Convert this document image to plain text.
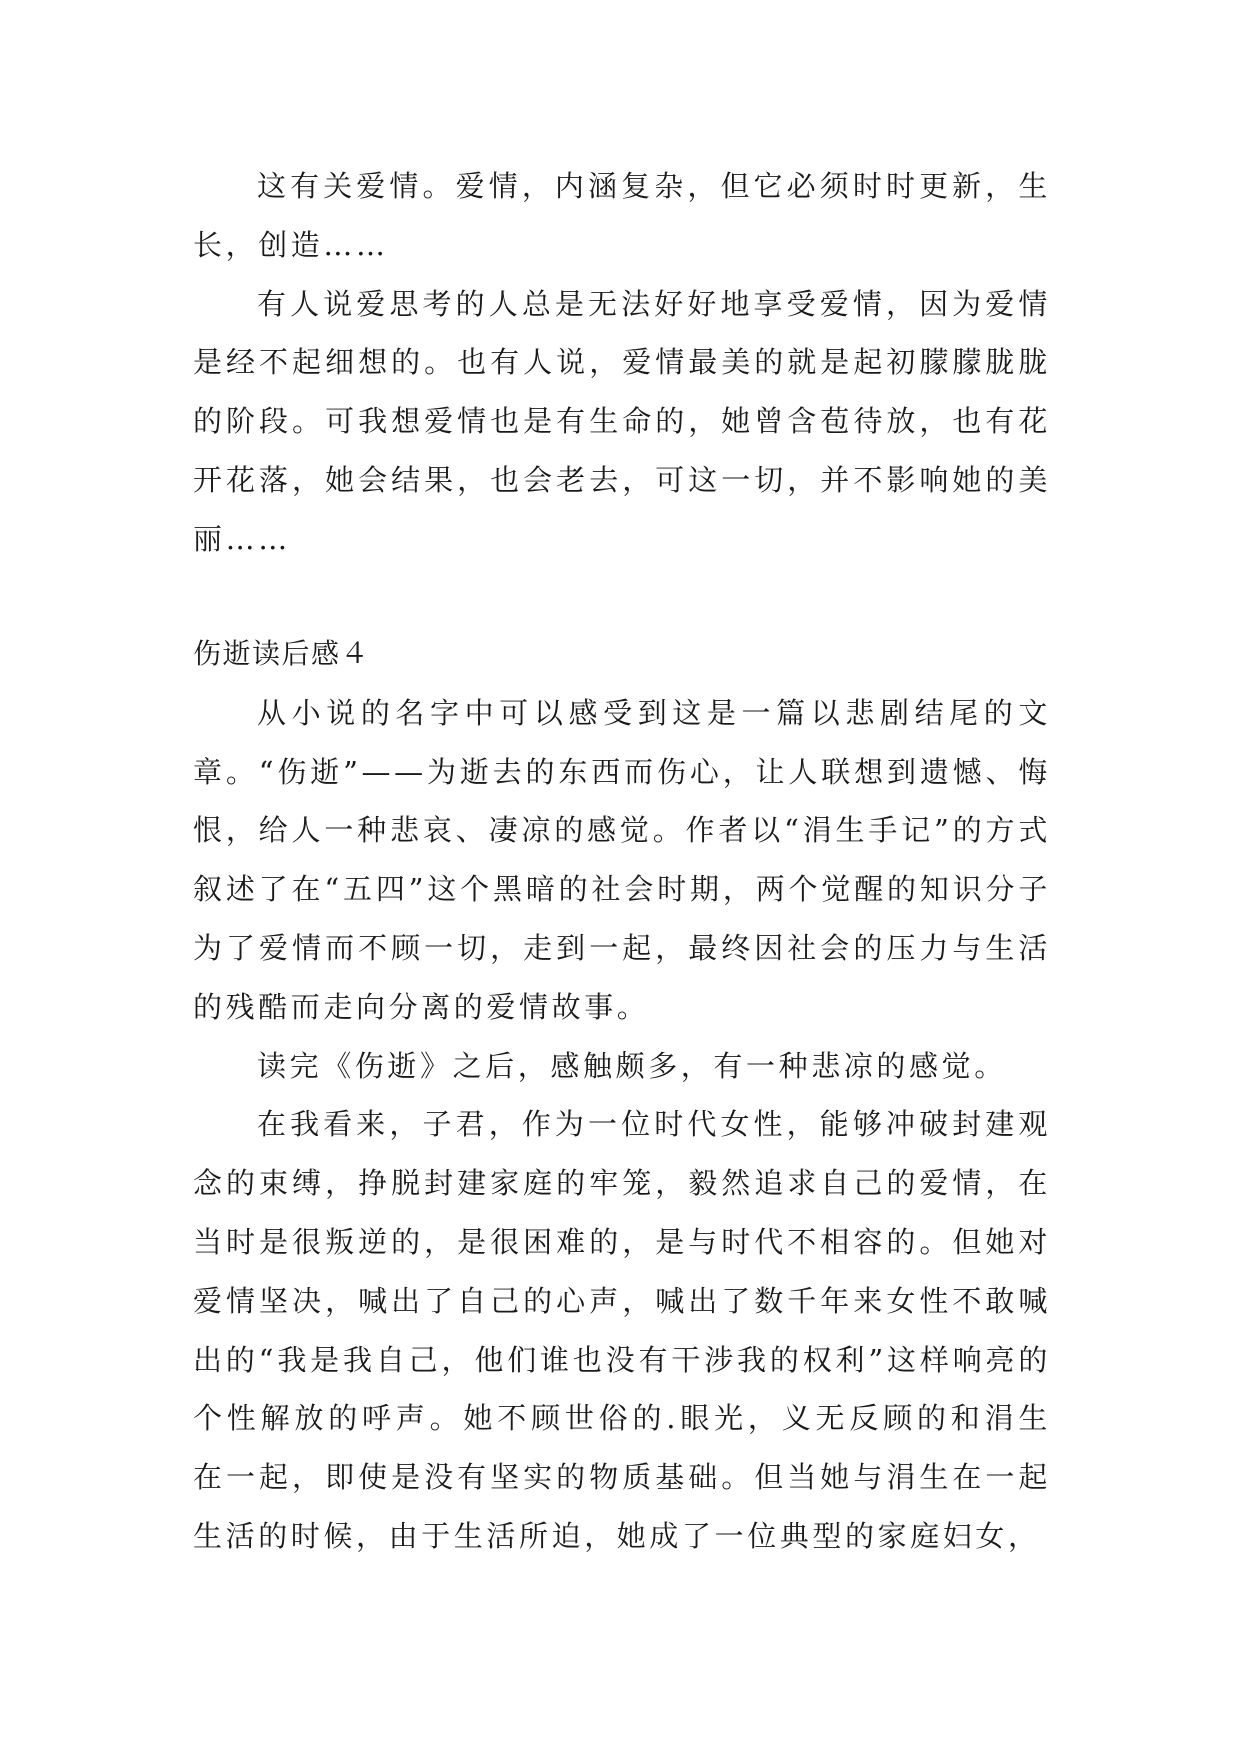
这有关爱情。爱情，内涵复杂，但它必须时时更新，生长，创造……

有人说爱思考的人总是无法好好地享受爱情，因为爱情是经不起细想的。也有人说，爱情最美的就是起初朦朦胧胧的阶段。可我想爱情也是有生命的，她曾含苞待放，也有花开花落，她会结果，也会老去，可这一切，并不影响她的美丽……

伤逝读后感４

从小说的名字中可以感受到这是一篇以悲剧结尾的文章。“伤逝”——为逝去的东西而伤心，让人联想到遗憾、悔恨，给人一种悲哀、凄凉的感觉。作者以“涓生手记”的方式叙述了在“五四”这个黑暗的社会时期，两个觉醒的知识分子为了爱情而不顾一切，走到一起，最终因社会的压力与生活的残酷而走向分离的爱情故事。

读完《伤逝》之后，感触颇多，有一种悲凉的感觉。

在我看来，子君，作为一位时代女性，能够冲破封建观念的束缚，挣脱封建家庭的牢笼，毅然追求自己的爱情，在当时是很叛逆的，是很困难的，是与时代不相容的。但她对爱情坚决，喊出了自己的心声，喊出了数千年来女性不敢喊出的“我是我自己，他们谁也没有干涉我的权利”这样响亮的个性解放的呼声。她不顾世俗的.眼光，义无反顾的和涓生在一起，即使是没有坚实的物质基础。但当她与涓生在一起生活的时候，由于生活所迫，她成了一位典型的家庭妇女，
